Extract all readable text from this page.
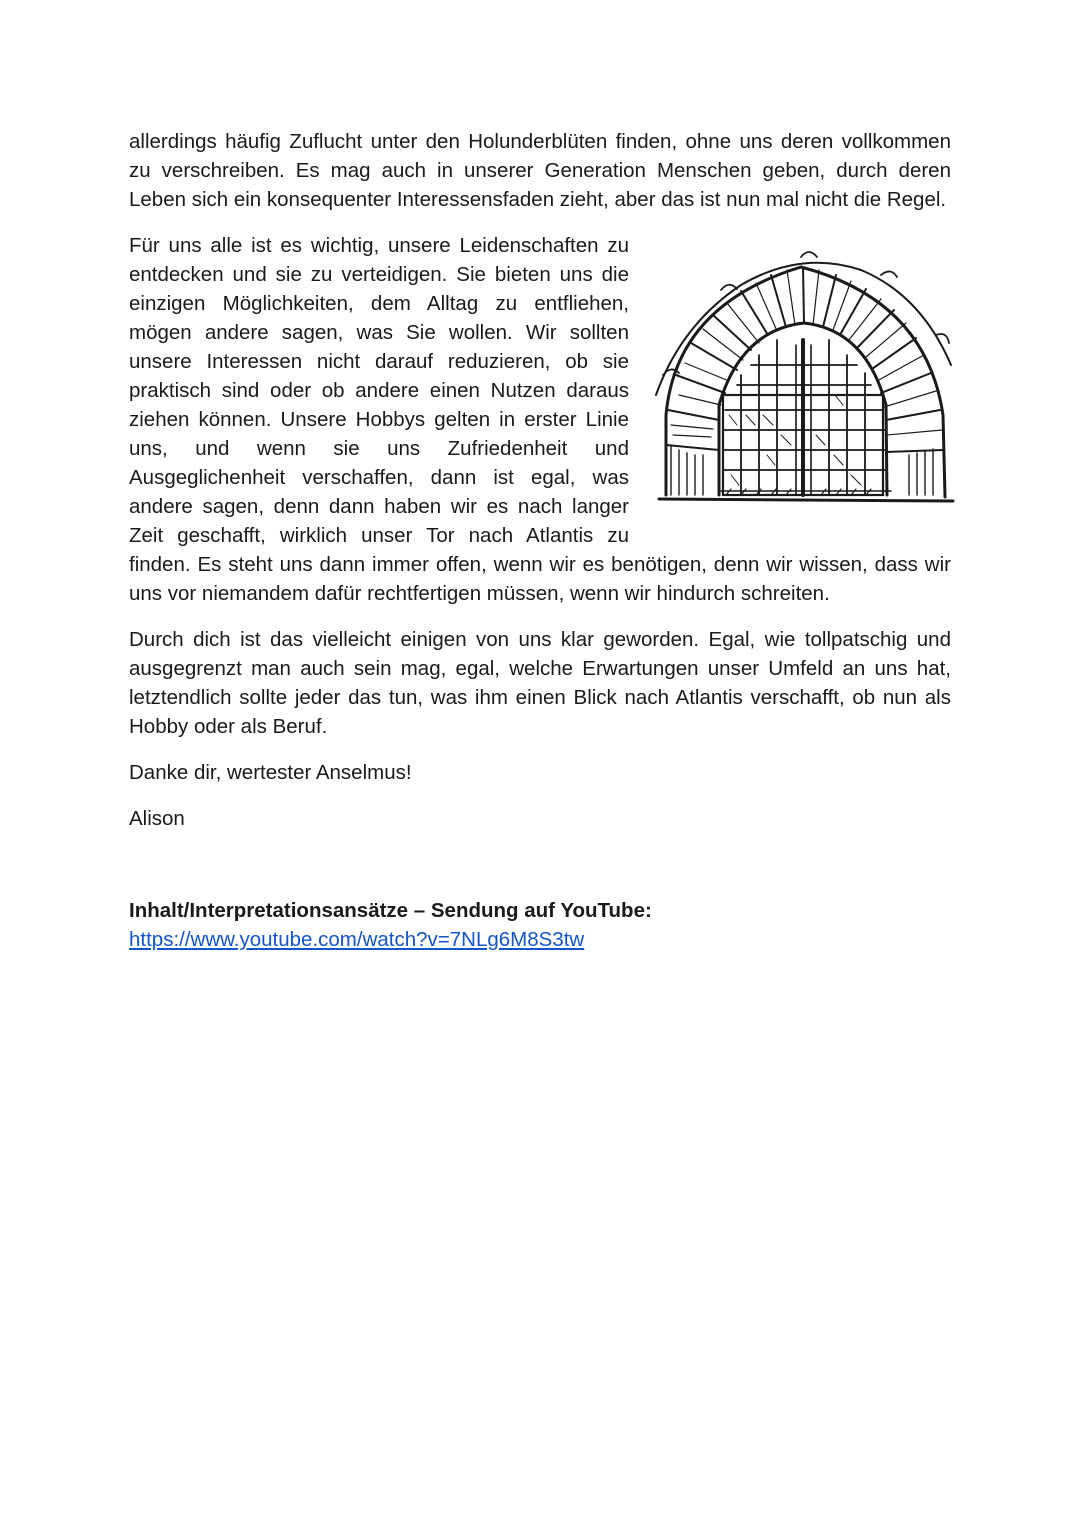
allerdings häufig Zuflucht unter den Holunderblüten finden, ohne uns deren vollkommen zu verschreiben. Es mag auch in unserer Generation Menschen geben, durch deren Leben sich ein konsequenter Interessensfaden zieht, aber das ist nun mal nicht die Regel.

Für uns alle ist es wichtig, unsere Leidenschaften zu entdecken und sie zu verteidigen. Sie bieten uns die einzigen Möglichkeiten, dem Alltag zu entfliehen, mögen andere sagen, was Sie wollen. Wir sollten unsere Interessen nicht darauf reduzieren, ob sie praktisch sind oder ob andere einen Nutzen daraus ziehen können. Unsere Hobbys gelten in erster Linie uns, und wenn sie uns Zufriedenheit und Ausgeglichenheit verschaffen, dann ist egal, was andere sagen, denn dann haben wir es nach langer Zeit geschafft, wirklich unser Tor nach Atlantis zu finden. Es steht uns dann immer offen, wenn wir es benötigen, denn wir wissen, dass wir uns vor niemandem dafür rechtfertigen müssen, wenn wir hindurch schreiten.

Durch dich ist das vielleicht einigen von uns klar geworden. Egal, wie tollpatschig und ausgegrenzt man auch sein mag, egal, welche Erwartungen unser Umfeld an uns hat, letztendlich sollte jeder das tun, was ihm einen Blick nach Atlantis verschafft, ob nun als Hobby oder als Beruf.

Danke dir, wertester Anselmus!

Alison

Inhalt/Interpretationsansätze – Sendung auf YouTube:
https://www.youtube.com/watch?v=7NLg6M8S3tw
